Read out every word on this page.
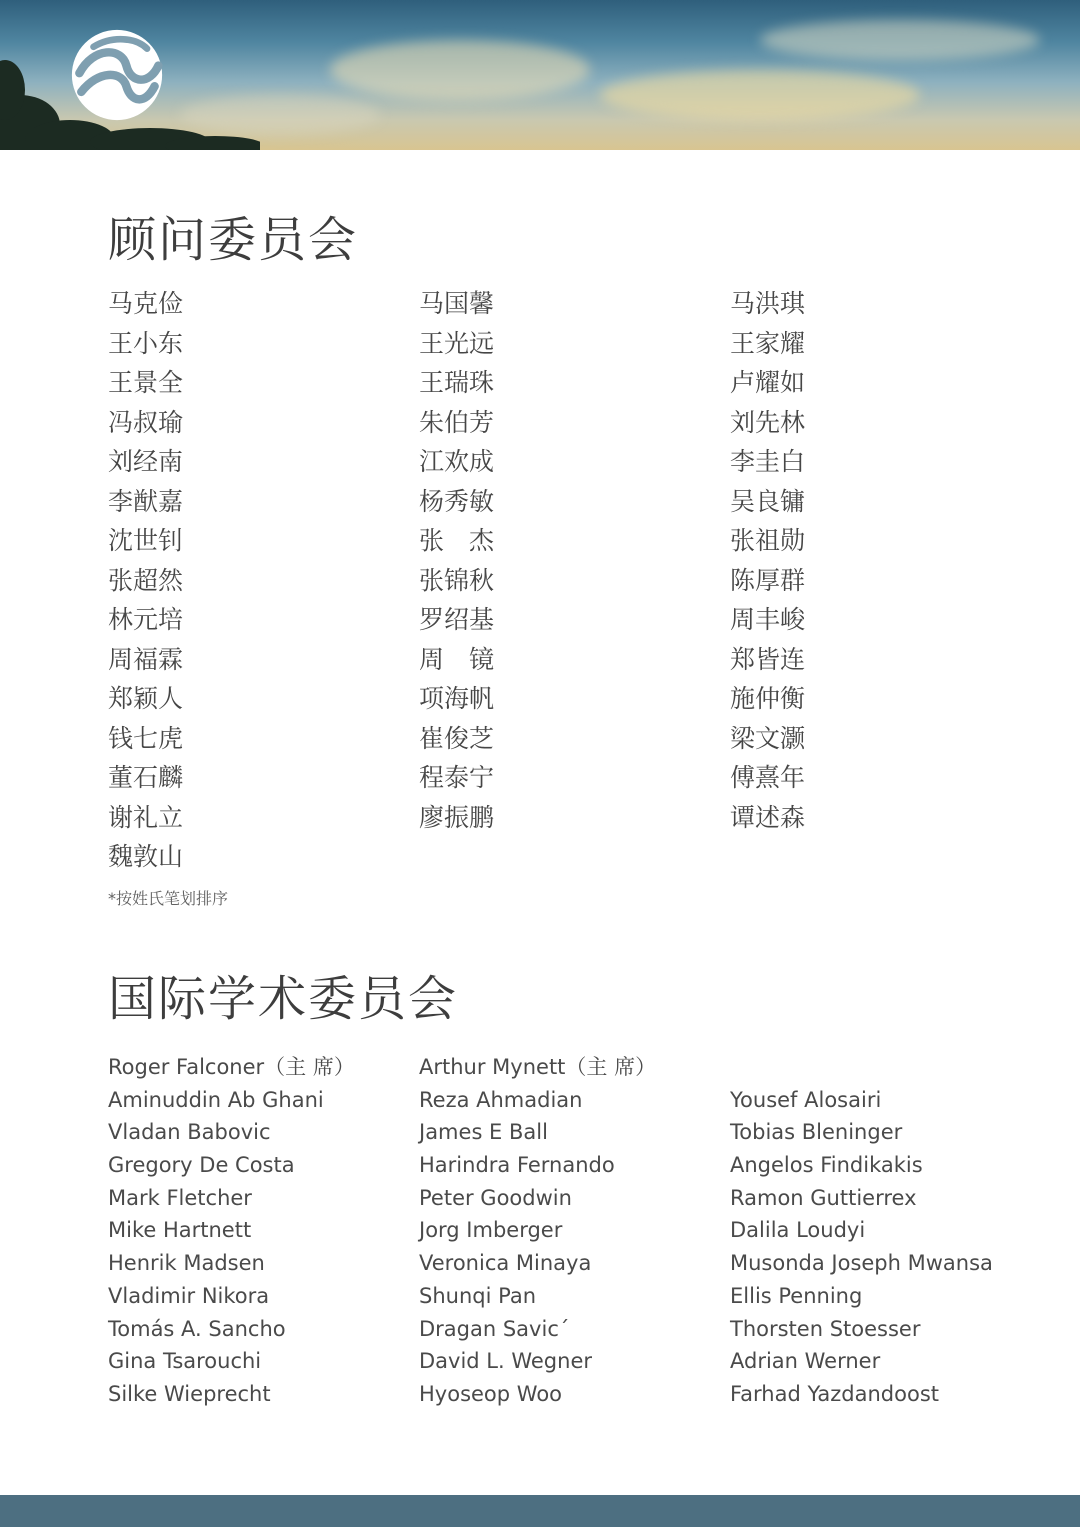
顾问委员会
马克俭
王小东
王景全
冯叔瑜
刘经南
李猷嘉
沈世钊
张超然
林元培
周福霖
郑颖人
钱七虎
董石麟
谢礼立
魏敦山
马国馨
王光远
王瑞珠
朱伯芳
江欢成
杨秀敏
张　杰
张锦秋
罗绍基
周　镜
项海帆
崔俊芝
程泰宁
廖振鹏
马洪琪
王家耀
卢耀如
刘先林
李圭白
吴良镛
张祖勋
陈厚群
周丰峻
郑皆连
施仲衡
梁文灏
傅熹年
谭述森
*按姓氏笔划排序
国际学术委员会
Roger Falconer（主 席）
Aminuddin Ab Ghani
Vladan Babovic
Gregory De Costa
Mark Fletcher
Mike Hartnett
Henrik Madsen
Vladimir Nikora
Tomás A. Sancho
Gina Tsarouchi
Silke Wieprecht
Arthur Mynett（主 席）
Reza Ahmadian
James E Ball
Harindra Fernando
Peter Goodwin
Jorg Imberger
Veronica Minaya
Shunqi Pan
Dragan Savic´
David L. Wegner
Hyoseop Woo
Yousef Alosairi
Tobias Bleninger
Angelos Findikakis
Ramon Guttierrex
Dalila Loudyi
Musonda Joseph Mwansa
Ellis Penning
Thorsten Stoesser
Adrian Werner
Farhad Yazdandoost
